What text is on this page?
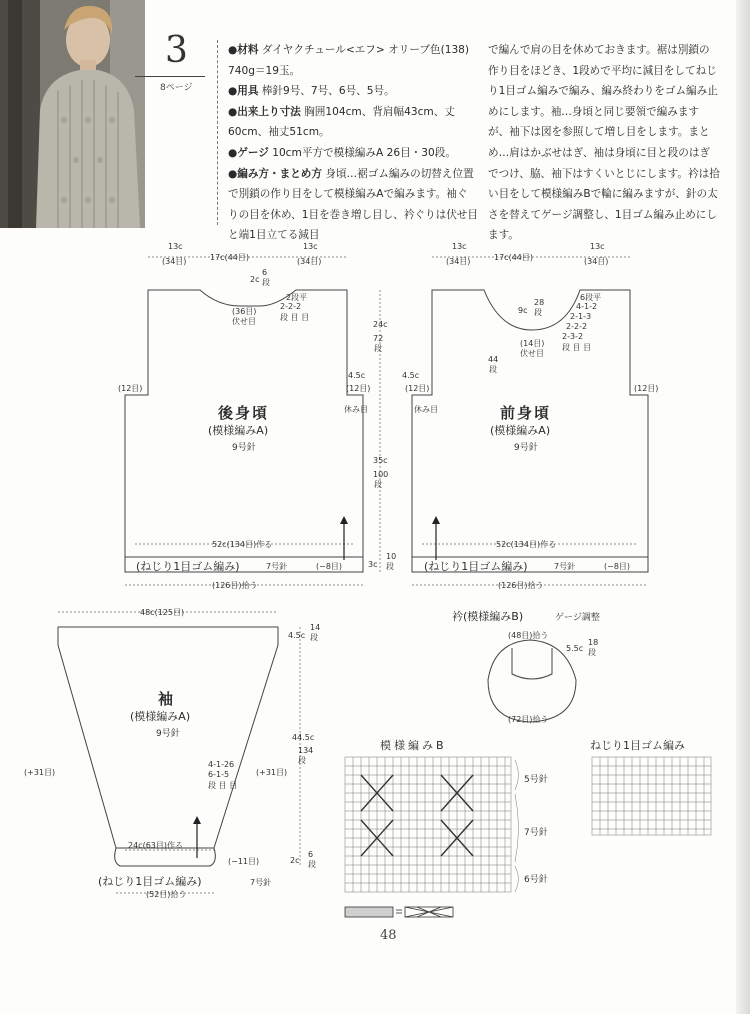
3
8ページ

●材料 ダイヤクチュール<エフ> オリーブ色(138) 740g＝19玉。

●用具 棒針9号、7号、6号、5号。

●出来上り寸法 胸囲104cm、背肩幅43cm、丈60cm、袖丈51cm。

●ゲージ 10cm平方で模様編みA 26目・30段。

●編み方・まとめ方 身頃…裾ゴム編みの切替え位置で別鎖の作り目をして模様編みAで編みます。袖ぐりの目を休め、1目を巻き増し目し、衿ぐりは伏せ目と端1目立てる減目

で編んで肩の目を休めておきます。裾は別鎖の作り目をほどき、1段めで平均に減目をしてねじり1目ゴム編みで編み、編み終わりをゴム編み止めにします。袖…身頃と同じ要領で編みますが、袖下は図を参照して増し目をします。まとめ…肩はかぶせはぎ、袖は身頃に目と段のはぎでつけ、脇、袖下はすくいとじにします。衿は拾い目をして模様編みBで輪に編みますが、針の太さを替えてゲージ調整し、1目ゴム編み止めにします。

13c
(34目)	17c(44目)
13c
(34目)
2c
6段
2段平
2-2-2
段 目 目
(36目)
伏せ目
(12目)	(12目)
4.5c
休み目
24c
72段
35c
100段
後身頃
(模様編みA)
9号針
52c(134目)作る
(ねじり1目ゴム編み)	7号針	(−8目)	3c
10段
(126目)拾う
13c
(34目)	17c(44目)
13c
(34目)
9c
28段
6段平
4-1-2
2-1-3
2-2-2
2-3-2
段 目 目
(14目)
伏せ目
44段
(12目)	(12目)
4.5c
休み目	前身頃
(模様編みA)
9号針
52c(134目)作る
(ねじり1目ゴム編み)	7号針	(−8目)
(126目)拾う
48c(125目)
4.5c
14段
44.5c
134段
袖
(模様編みA)
9号針
(+31目)	(+31目)
4-1-26
6-1-5
段 目 目
24c(63目)作る
(−11目)
(ねじり1目ゴム編み)	7号針
2c
6段
(52目)拾う
衿(模様編みB)	ゲージ調整
(48目)拾う
5.5c
18段
(72目)拾う
模様編みB
5号針
7号針
6号針
ねじり1目ゴム編み
48
